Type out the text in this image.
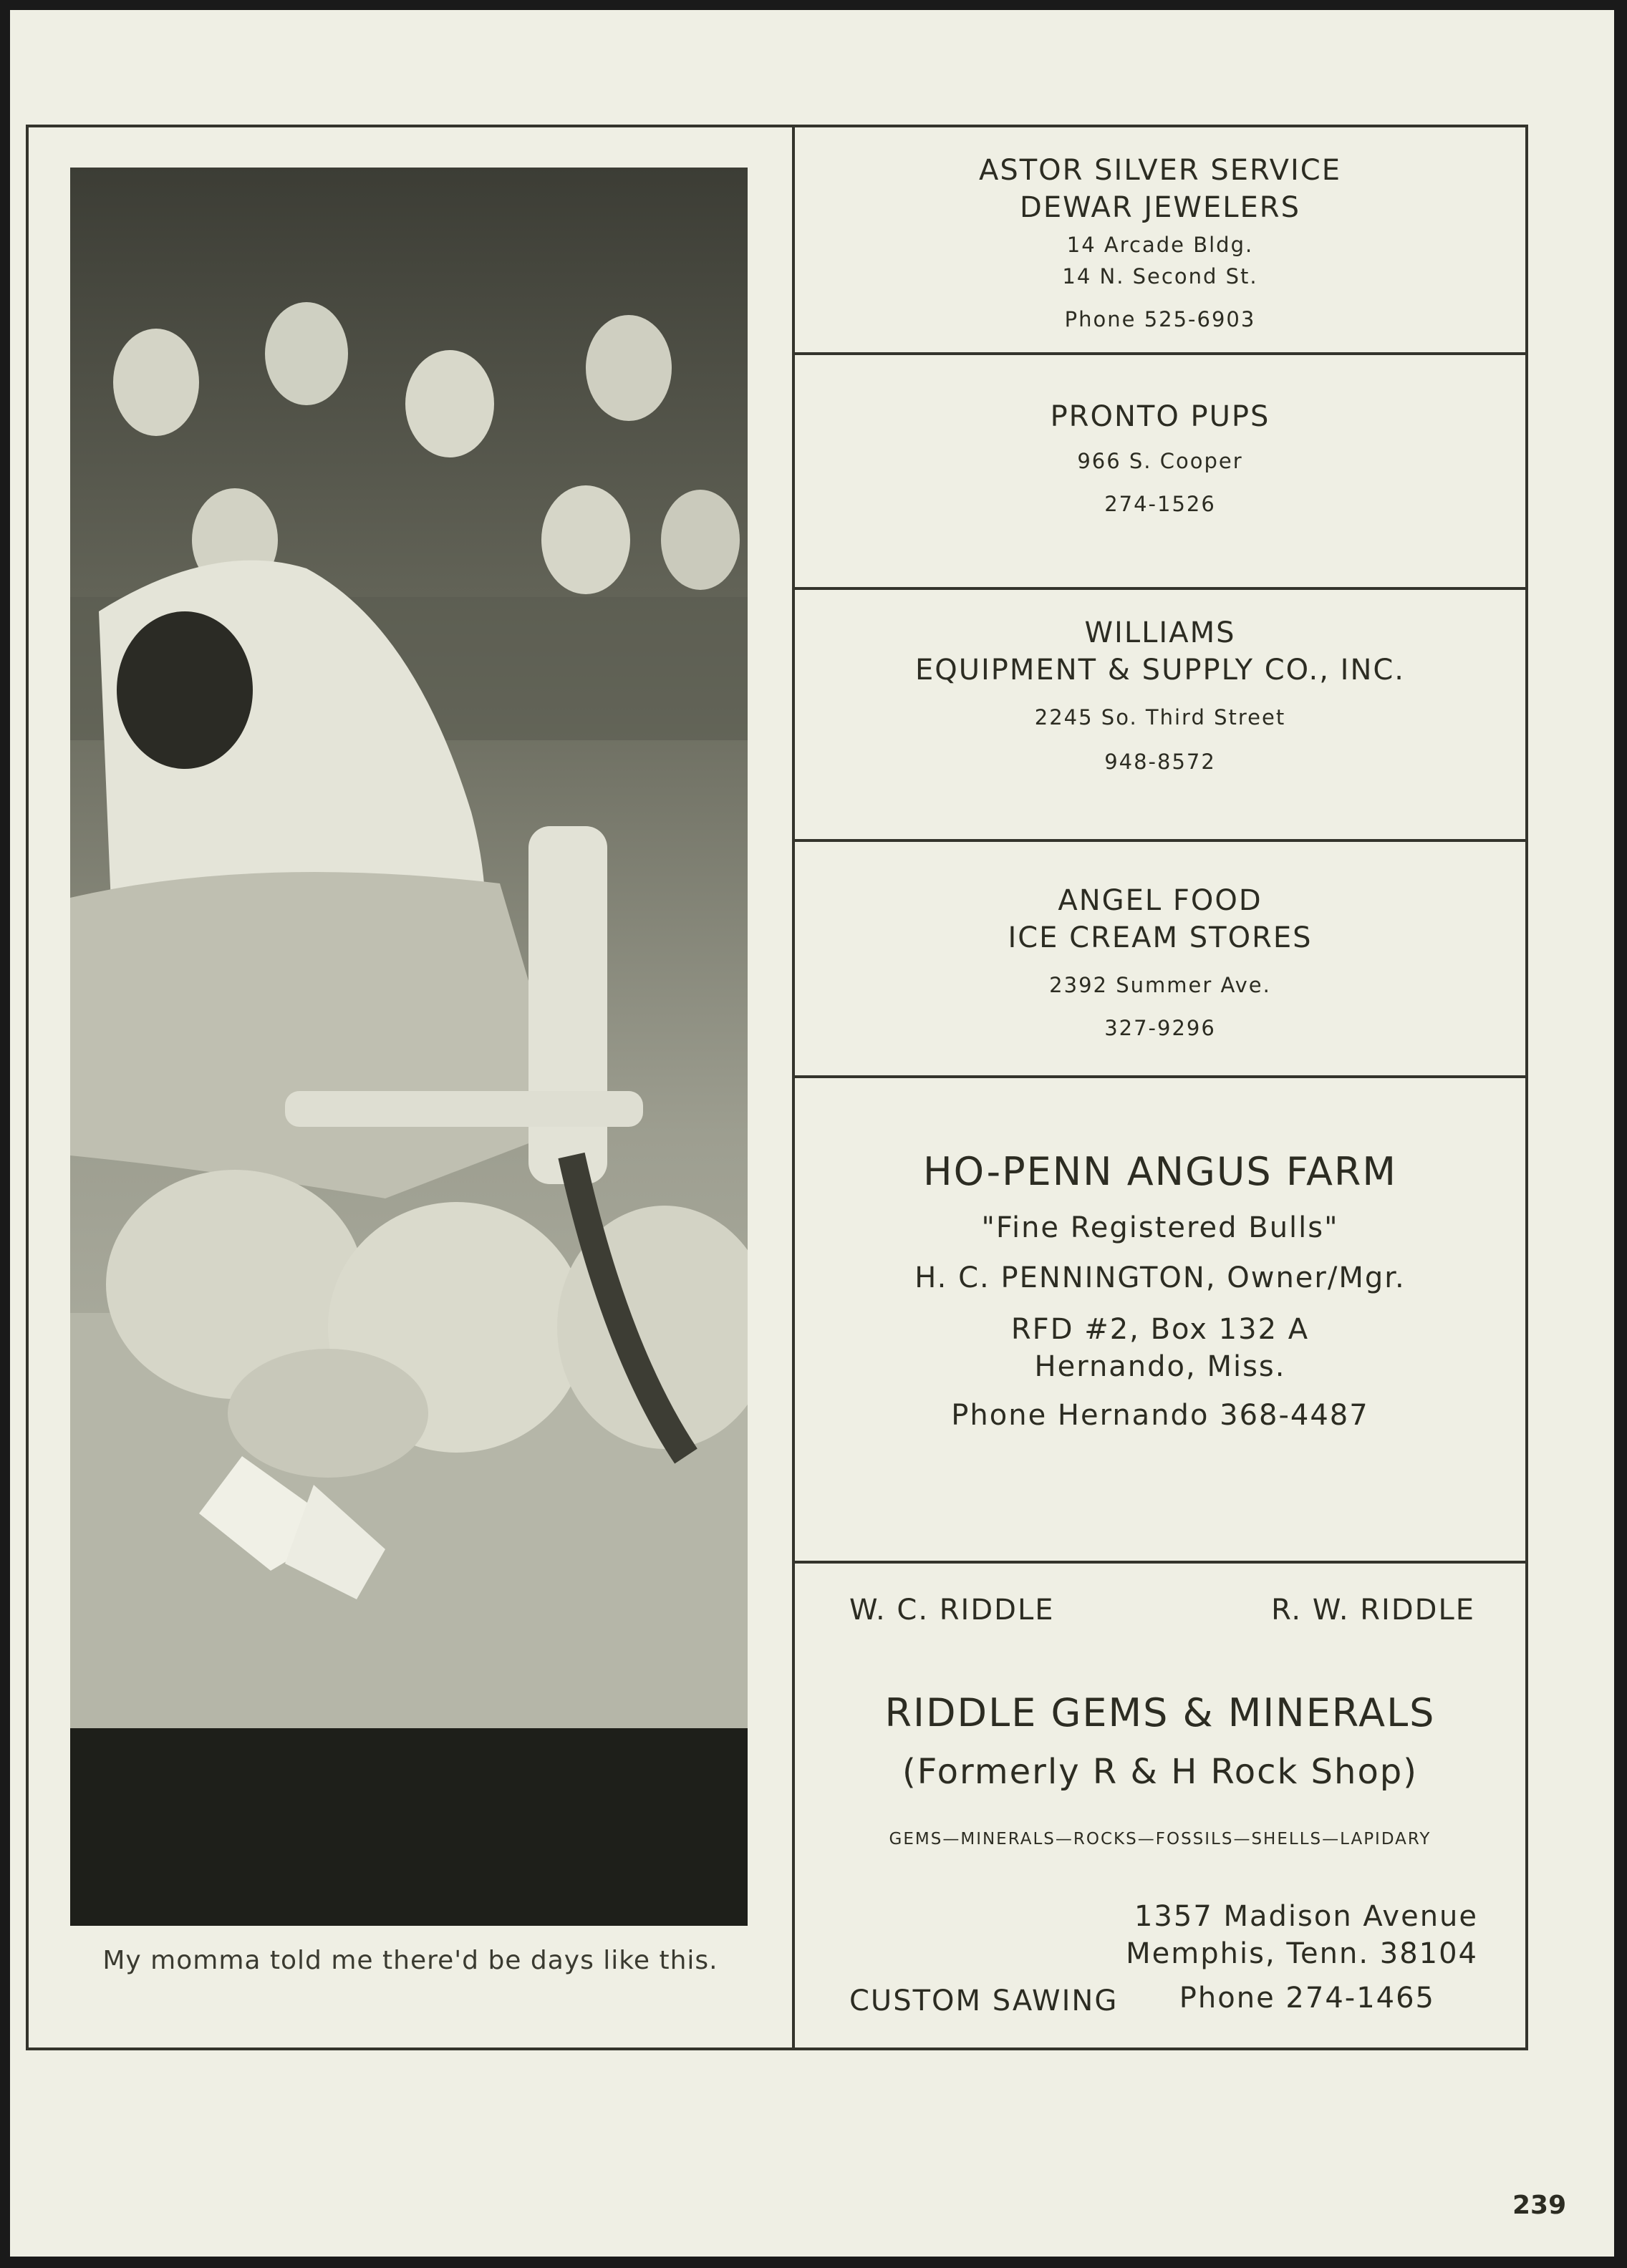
My momma told me there'd be days like this.
ASTOR SILVER SERVICE
DEWAR JEWELERS
14 Arcade Bldg.
14 N. Second St.
Phone 525-6903
PRONTO PUPS
966 S. Cooper
274-1526
WILLIAMS
EQUIPMENT & SUPPLY CO., INC.
2245 So. Third Street
948-8572
ANGEL FOOD
ICE CREAM STORES
2392 Summer Ave.
327-9296
HO-PENN ANGUS FARM
"Fine Registered Bulls"
H. C. PENNINGTON, Owner/Mgr.
RFD #2, Box 132 A
Hernando, Miss.
Phone Hernando 368-4487
W. C. RIDDLE	R. W. RIDDLE
RIDDLE GEMS & MINERALS
(Formerly R & H Rock Shop)
GEMS—MINERALS—ROCKS—FOSSILS—SHELLS—LAPIDARY
1357 Madison Avenue
Memphis, Tenn. 38104
CUSTOM SAWING Phone 274-1465
239
